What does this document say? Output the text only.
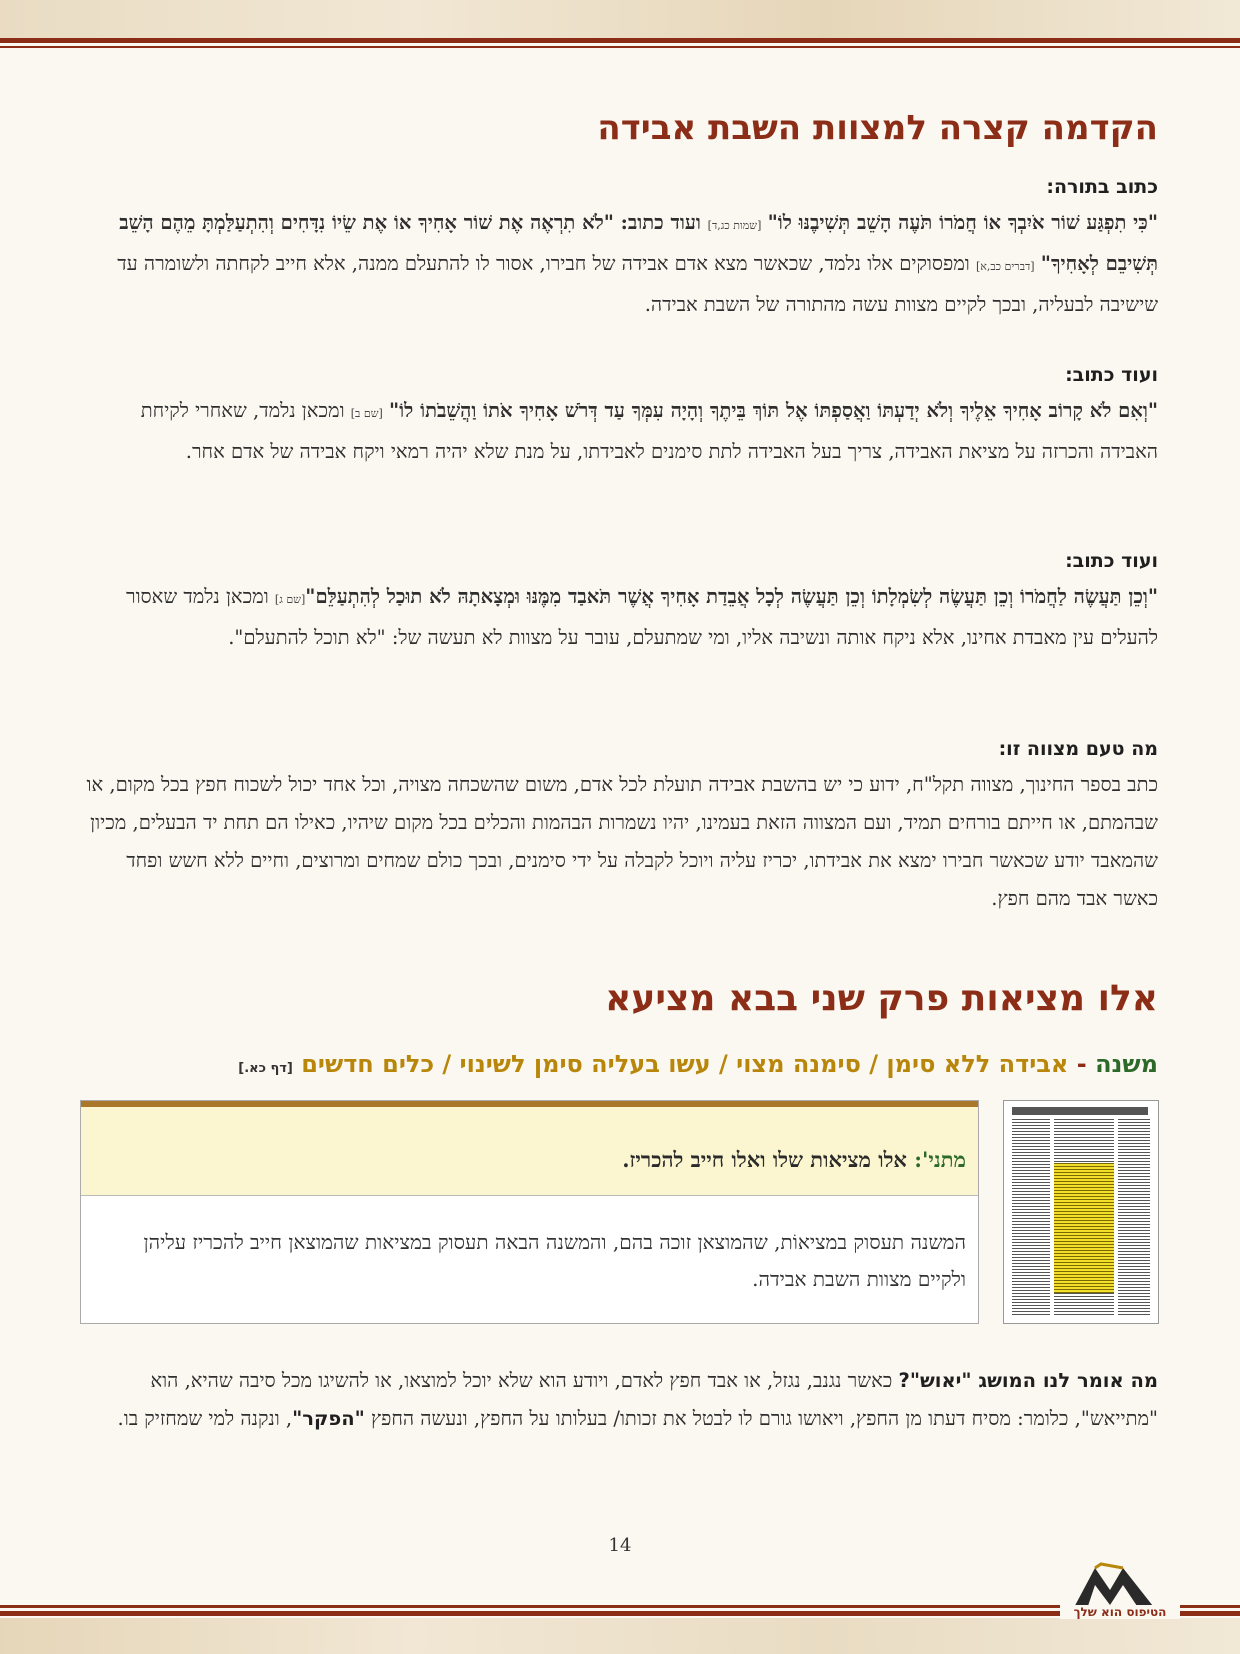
הקדמה קצרה למצוות השבת אבידה

כתוב בתורה:

"כִּי תִפְגַּע שׁוֹר אֹיִבְךָ אוֹ חֲמֹרוֹ תֹּעֶה הָשֵׁב תְּשִׁיבֶנּוּ לוֹ" [שמות כג,ד] ועוד כתוב: "לֹא תִרְאֶה אֶת שׁוֹר אָחִיךָ אוֹ אֶת שֵׂיוֹ נִדָּחִים וְהִתְעַלַּמְתָּ מֵהֶם הָשֵׁב תְּשִׁיבֵם לְאָחִיךָ" [דברים כב,א] ומפסוקים אלו נלמד, שכאשר מצא אדם אבידה של חבירו, אסור לו להתעלם ממנה, אלא חייב לקחתה ולשומרה עד שישיבה לבעליה, ובכך לקיים מצוות עשה מהתורה של השבת אבידה.

ועוד כתוב:

"וְאִם לֹא קָרוֹב אָחִיךָ אֵלֶיךָ וְלֹא יְדַעְתּוֹ וַאֲסַפְתּוֹ אֶל תּוֹךְ בֵּיתֶךָ וְהָיָה עִמְּךָ עַד דְּרֹשׁ אָחִיךָ אֹתוֹ וַהֲשֵׁבֹתוֹ לוֹ" [שם ב] ומכאן נלמד, שאחרי לקיחת האבידה והכרזה על מציאת האבידה, צריך בעל האבידה לתת סימנים לאבידתו, על מנת שלא יהיה רמאי ויקח אבידה של אדם אחר.

ועוד כתוב:

"וְכֵן תַּעֲשֶׂה לַחֲמֹרוֹ וְכֵן תַּעֲשֶׂה לְשִׂמְלָתוֹ וְכֵן תַּעֲשֶׂה לְכָל אֲבֵדַת אָחִיךָ אֲשֶׁר תֹּאבַד מִמֶּנּוּ וּמְצָאתָהּ לֹא תוּכַל לְהִתְעַלֵּם"[שם ג] ומכאן נלמד שאסור להעלים עין מאבדת אחינו, אלא ניקח אותה ונשיבה אליו, ומי שמתעלם, עובר על מצוות לא תעשה של: "לא תוכל להתעלם".

מה טעם מצווה זו:

כתב בספר החינוך, מצווה תקל"ח, ידוע כי יש בהשבת אבידה תועלת לכל אדם, משום שהשכחה מצויה, וכל אחד יכול לשכוח חפץ בכל מקום, או שבהמתם, או חייתם בורחים תמיד, ועם המצווה הזאת בעמינו, יהיו נשמרות הבהמות והכלים בכל מקום שיהיו, כאילו הם תחת יד הבעלים, מכיון שהמאבד יודע שכאשר חבירו ימצא את אבידתו, יכריז עליה ויוכל לקבלה על ידי סימנים, ובכך כולם שמחים ומרוצים, וחיים ללא חשש ופחד כאשר אבד מהם חפץ.

אלו מציאות פרק שני בבא מציעא

משנה - אבידה ללא סימן / סימנה מצוי / עשו בעליה סימן לשינוי / כלים חדשים [דף כא.]

מתני': אלו מציאות שלו ואלו חייב להכריז.

המשנה תעסוק במציאוֹת, שהמוצאן זוכה בהם, והמשנה הבאה תעסוק במציאות שהמוצאן חייב להכריז עליהן ולקיים מצוות השבת אבידה.

מה אומר לנו המושג "יאוש"? כאשר נגנב, נגזל, או אבד חפץ לאדם, ויודע הוא שלא יוכל למוצאו, או להשיגו מכל סיבה שהיא, הוא "מתייאש", כלומר: מסיח דעתו מן החפץ, ויאושו גורם לו לבטל את זכותו/ בעלותו על החפץ, ונעשה החפץ "הפקר", ונקנה למי שמחזיק בו.

14
הטיפוס הוא שלך
